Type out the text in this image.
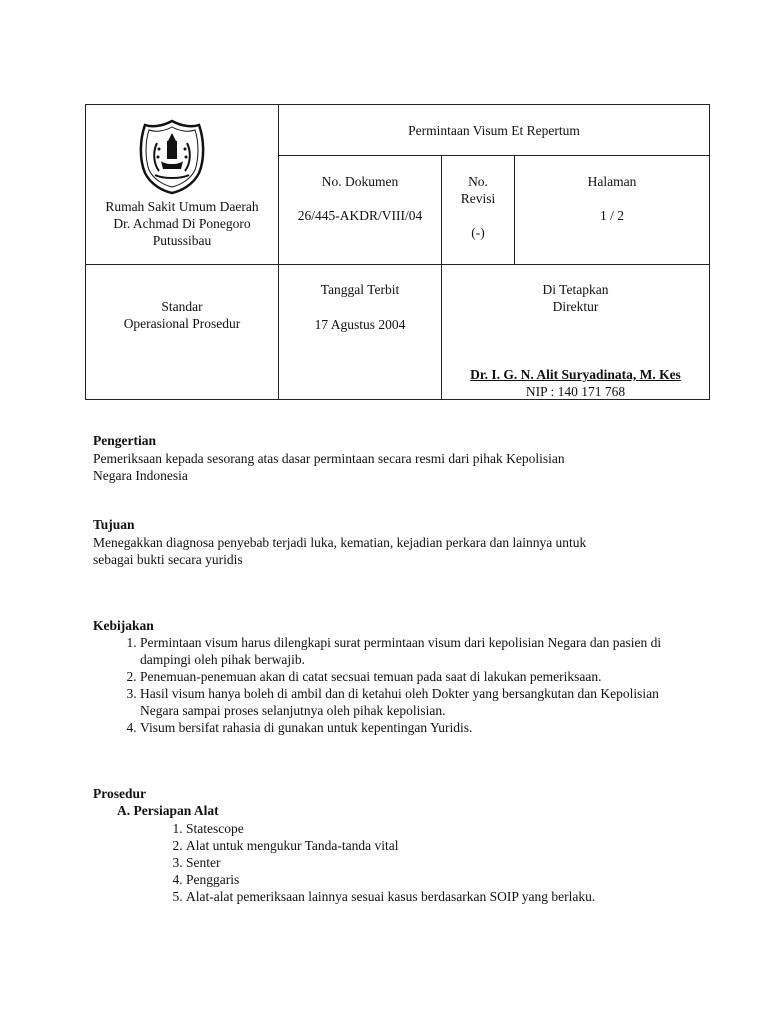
Rumah Sakit Umum Daerah
Dr. Achmad Di Ponegoro
Putussibau
Permintaan Visum Et Repertum
No. Dokumen
26/445-AKDR/VIII/04
No.
Revisi
(-)
Halaman
1 / 2
Standar
Operasional Prosedur
Tanggal Terbit
17 Agustus 2004
Di Tetapkan
Direktur
Dr. I. G. N. Alit Suryadinata, M. Kes
NIP : 140 171 768
Pengertian
Pemeriksaan kepada sesorang atas dasar permintaan secara resmi dari pihak Kepolisian
Negara Indonesia
Tujuan
Menegakkan diagnosa penyebab terjadi luka, kematian, kejadian perkara dan lainnya untuk
sebagai bukti secara yuridis
Kebijakan
1. Permintaan visum harus dilengkapi surat permintaan visum dari kepolisian Negara dan pasien di dampingi oleh pihak berwajib.
2. Penemuan-penemuan akan di catat secsuai temuan pada saat di lakukan pemeriksaan.
3. Hasil visum hanya boleh di ambil dan di ketahui oleh Dokter yang bersangkutan dan Kepolisian Negara sampai proses selanjutnya oleh pihak kepolisian.
4. Visum bersifat rahasia di gunakan untuk kepentingan Yuridis.
Prosedur
A. Persiapan Alat
1. Statescope
2. Alat untuk mengukur Tanda-tanda vital
3. Senter
4. Penggaris
5. Alat-alat pemeriksaan lainnya sesuai kasus berdasarkan SOIP yang berlaku.
